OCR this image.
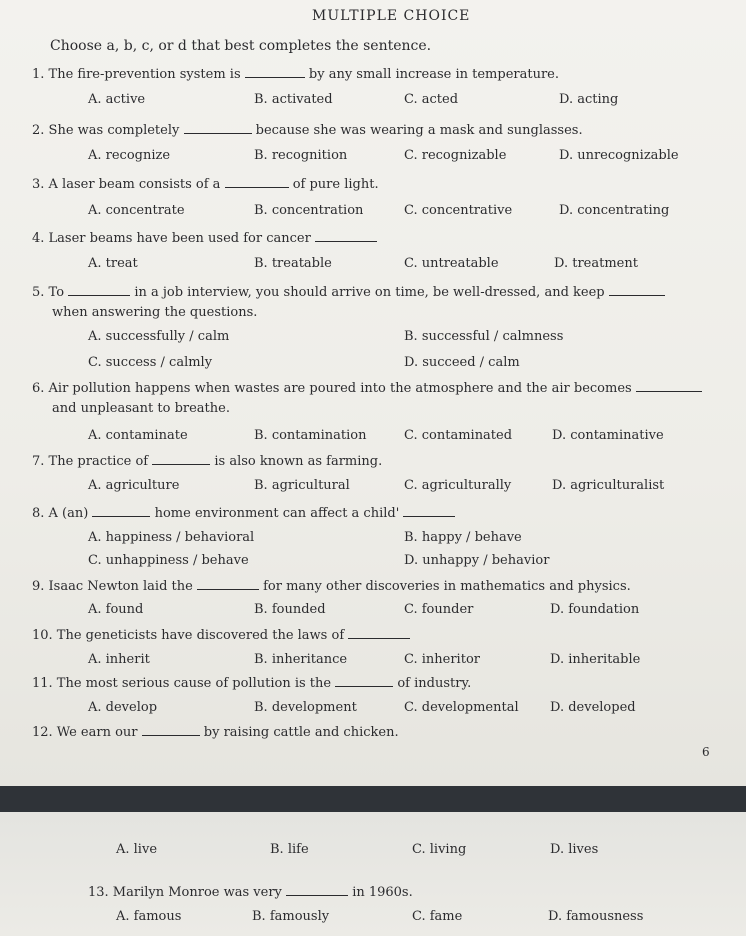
MULTIPLE CHOICE
Choose a, b, c, or d that best completes the sentence.
1. The fire-prevention system is	by any small increase in temperature.
A. active	B. activated	C. acted	D. acting
2. She was completely	because she was wearing a mask and sunglasses.
A. recognize	B. recognition	C. recognizable	D. unrecognizable
3. A laser beam consists of a	of pure light.
A. concentrate	B. concentration	C. concentrative	D. concentrating
4. Laser beams have been used for cancer
A. treat	B. treatable	C. untreatable	D. treatment
5. To	in a job interview, you should arrive on time, be well-dressed, and keep
when answering the questions.
A. successfully / calm	B. successful / calmness
C. success / calmly	D. succeed / calm
6. Air pollution happens when wastes are poured into the atmosphere and the air becomes
and unpleasant to breathe.
A. contaminate	B. contamination	C. contaminated	D. contaminative
7. The practice of	is also known as farming.
A. agriculture	B. agricultural	C. agriculturally	D. agriculturalist
8. A (an)	home environment can affect a child'
A. happiness / behavioral	B. happy / behave
C. unhappiness / behave	D. unhappy / behavior
9. Isaac Newton laid the	for many other discoveries in mathematics and physics.
A. found	B. founded	C. founder	D. foundation
10. The geneticists have discovered the laws of
A. inherit	B. inheritance	C. inheritor	D. inheritable
11. The most serious cause of pollution is the	of industry.
A. develop	B. development	C. developmental D. developed
12. We earn our	by raising cattle and chicken.
6
A. live	B. life	C. living	D. lives
13. Marilyn Monroe was very	in 1960s.
A. famous	B. famously	C. fame	D. famousness
